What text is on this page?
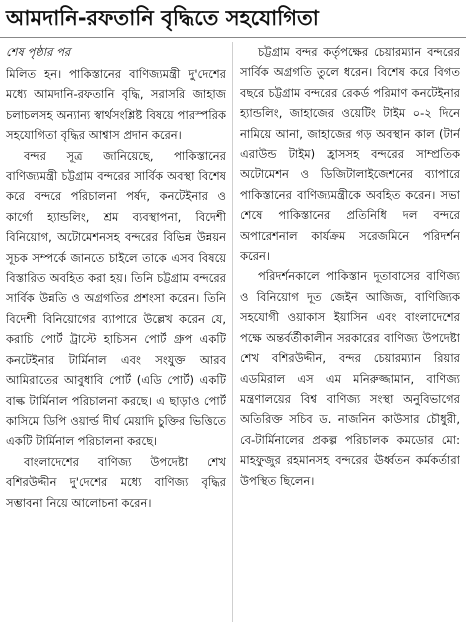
আমদানি-রফতানি বৃদ্ধিতে সহযোগিতা
শেষ পৃষ্ঠার পর

মিলিত হন। পাকিস্তানের বাণিজ্যমন্ত্রী দু'দেশের মধ্যে আমদানি-রফতানি বৃদ্ধি, সরাসরি জাহাজ চলাচলসহ অন্যান্য স্বার্থসংশ্লিষ্ট বিষয়ে পারস্পরিক সহযোগিতা বৃদ্ধির আশ্বাস প্রদান করেন।

বন্দর সূত্র জানিয়েছে, পাকিস্তানের বাণিজ্যমন্ত্রী চট্টগ্রাম বন্দরের সার্বিক অবস্থা বিশেষ করে বন্দরে পরিচালনা পর্ষদ, কনটেইনার ও কার্গো হ্যান্ডলিং, শ্রম ব্যবস্থাপনা, বিদেশী বিনিয়োগ, অটোমেশনসহ বন্দরের বিভিন্ন উন্নয়ন সূচক সম্পর্কে জানতে চাইলে তাকে এসব বিষয়ে বিস্তারিত অবহিত করা হয়। তিনি চট্টগ্রাম বন্দরের সার্বিক উন্নতি ও অগ্রগতির প্রশংসা করেন। তিনি বিদেশী বিনিয়োগের ব্যাপারে উল্লেখ করেন যে, করাচি পোর্ট ট্রাস্টে হাচিসন পোর্ট গ্রুপ একটি কনটেইনার টার্মিনাল এবং সংযুক্ত আরব আমিরাতের আবুধাবি পোর্ট (এডি পোর্ট) একটি বাল্ক টার্মিনাল পরিচালনা করছে। এ ছাড়াও পোর্ট কাসিমে ডিপি ওয়ার্ল্ড দীর্ঘ মেয়াদি চুক্তির ভিত্তিতে একটি টার্মিনাল পরিচালনা করছে।

বাংলাদেশের বাণিজ্য উপদেষ্টা শেখ বশিরউদ্দীন দু'দেশের মধ্যে বাণিজ্য বৃদ্ধির সম্ভাবনা নিয়ে আলোচনা করেন।

চট্টগ্রাম বন্দর কর্তৃপক্ষের চেয়ারম্যান বন্দরের সার্বিক অগ্রগতি তুলে ধরেন। বিশেষ করে বিগত বছরে চট্টগ্রাম বন্দরের রেকর্ড পরিমাণ কনটেইনার হ্যান্ডলিং, জাহাজের ওয়েটিং টাইম ০-২ দিনে নামিয়ে আনা, জাহাজের গড় অবস্থান কাল (টার্ন এরাউন্ড টাইম) হ্রাসসহ বন্দরের সাম্প্রতিক অটোমেশন ও ডিজিটালাইজেশনের ব্যাপারে পাকিস্তানের বাণিজ্যমন্ত্রীকে অবহিত করেন। সভা শেষে পাকিস্তানের প্রতিনিধি দল বন্দরে অপারেশনাল কার্যক্রম সরেজমিনে পরিদর্শন করেন।

পরিদর্শনকালে পাকিস্তান দূতাবাসের বাণিজ্য ও বিনিয়োগ দূত জেইন আজিজ, বাণিজ্যিক সহযোগী ওয়াকাস ইয়াসিন এবং বাংলাদেশের পক্ষে অন্তর্বর্তীকালীন সরকারের বাণিজ্য উপদেষ্টা শেখ বশিরউদ্দীন, বন্দর চেয়ারম্যান রিয়ার এডমিরাল এস এম মনিরুজ্জামান, বাণিজ্য মন্ত্রণালয়ের বিশ্ব বাণিজ্য সংস্থা অনুবিভাগের অতিরিক্ত সচিব ড. নাজনিন কাউসার চৌধুরী, বে-টার্মিনালের প্রকল্প পরিচালক কমডোর মো: মাহফুজুর রহমানসহ বন্দরের ঊর্ধ্বতন কর্মকর্তারা উপস্থিত ছিলেন।
